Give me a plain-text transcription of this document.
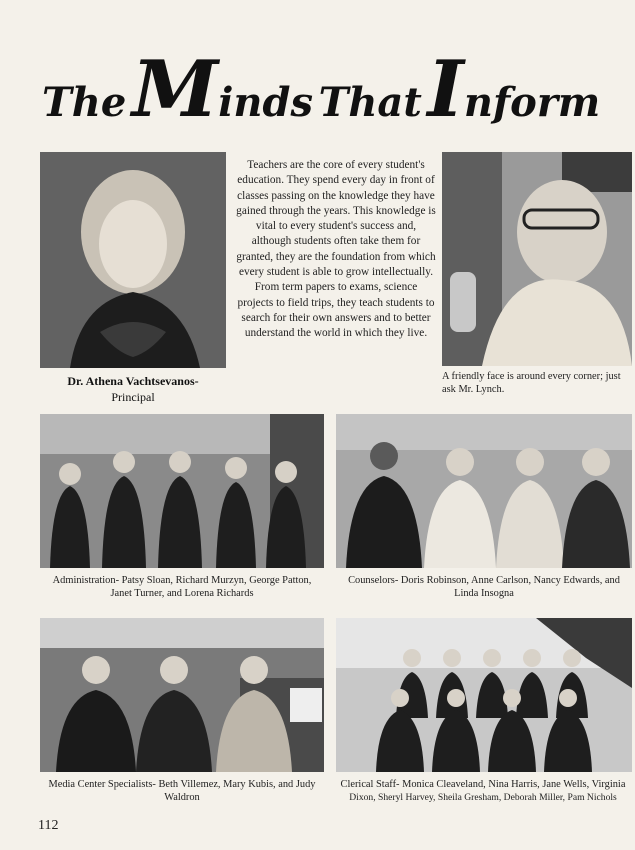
The Minds That Inform
Teachers are the core of every student's education. They spend every day in front of classes passing on the knowledge they have gained through the years. This knowledge is vital to every student's success and, although students often take them for granted, they are the foundation from which every student is able to grow intellectually. From term papers to exams, science projects to field trips, they teach students to search for their own answers and to better understand the world in which they live.
Dr. Athena Vachtsevanos-
Principal
A friendly face is around every corner; just ask Mr. Lynch.
Administration- Patsy Sloan, Richard Murzyn, George Patton, Janet Turner, and Lorena Richards
Counselors- Doris Robinson, Anne Carlson, Nancy Edwards, and Linda Insogna
Media Center Specialists- Beth Villemez, Mary Kubis, and Judy Waldron
Clerical Staff- Monica Cleaveland, Nina Harris, Jane Wells, Virginia
Dixon, Sheryl Harvey, Sheila Gresham, Deborah Miller, Pam Nichols
112
